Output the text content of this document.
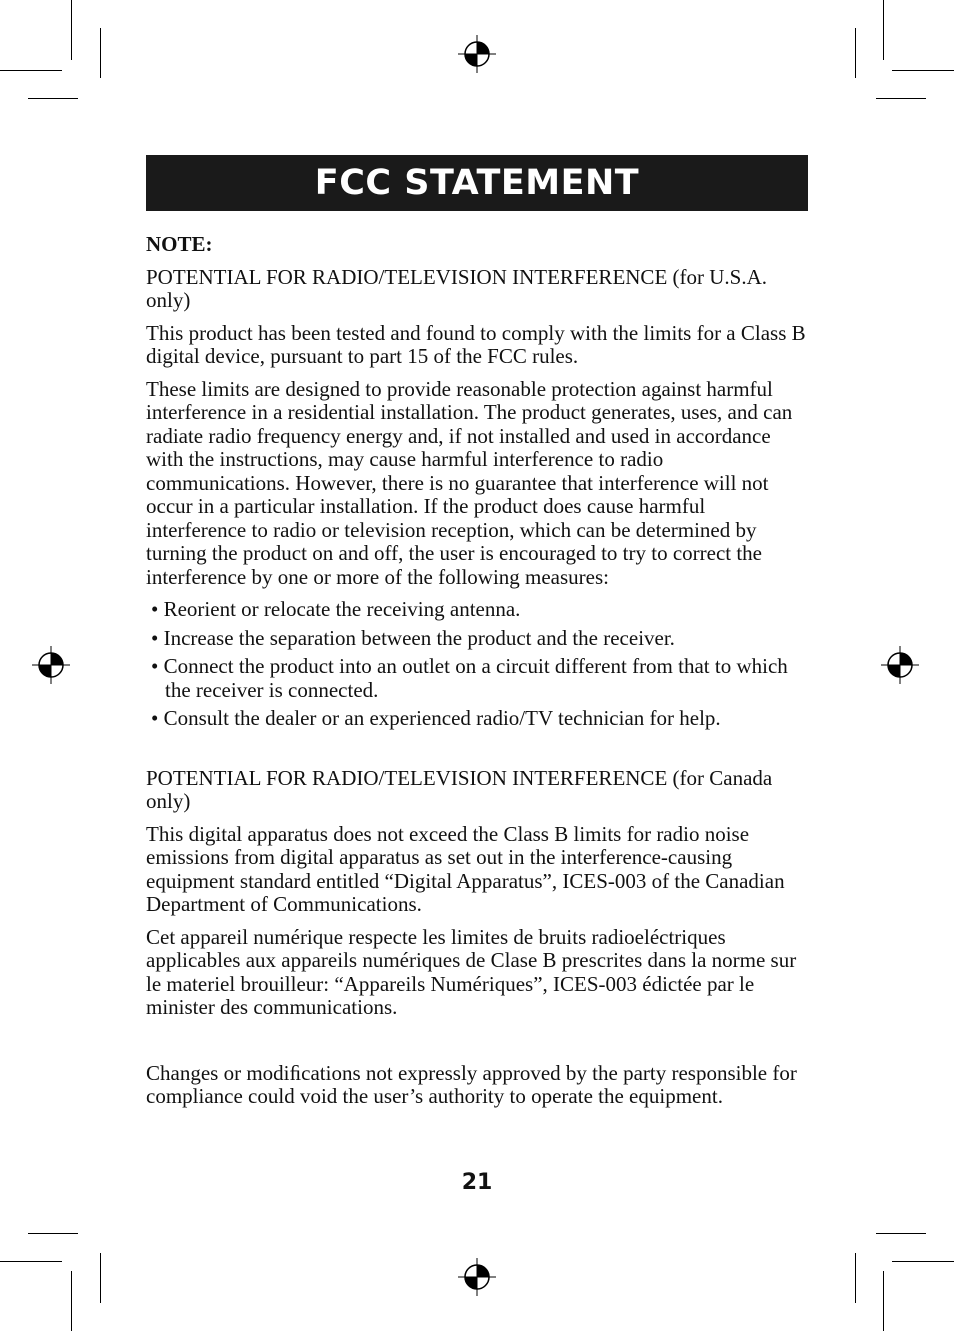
FCC STATEMENT

NOTE:

POTENTIAL FOR RADIO/TELEVISION INTERFERENCE (for U.S.A. only)

This product has been tested and found to comply with the limits for a Class B digital device, pursuant to part 15 of the FCC rules.

These limits are designed to provide reasonable protection against harmful interference in a residential installation. The product generates, uses, and can radiate radio frequency energy and, if not installed and used in accordance with the instructions, may cause harmful interference to radio communications. However, there is no guarantee that interference will not occur in a particular installation. If the product does cause harmful interference to radio or television reception, which can be determined by turning the product on and off, the user is encouraged to try to correct the interference by one or more of the following measures:

• Reorient or relocate the receiving antenna.

• Increase the separation between the product and the receiver.

• Connect the product into an outlet on a circuit different from that to which the receiver is connected.

• Consult the dealer or an experienced radio/TV technician for help.

POTENTIAL FOR RADIO/TELEVISION INTERFERENCE (for Canada only)

This digital apparatus does not exceed the Class B limits for radio noise emissions from digital apparatus as set out in the interference-causing equipment standard entitled “Digital Apparatus”, ICES-003 of the Canadian Department of Communications.

Cet appareil numérique respecte les limites de bruits radioeléctriques applicables aux appareils numériques de Clase B prescrites dans la norme sur le materiel brouilleur: “Appareils Numériques”, ICES-003 édictée par le minister des communications.

Changes or modiﬁcations not expressly approved by the party responsible for compliance could void the user’s authority to operate the equipment.

21
